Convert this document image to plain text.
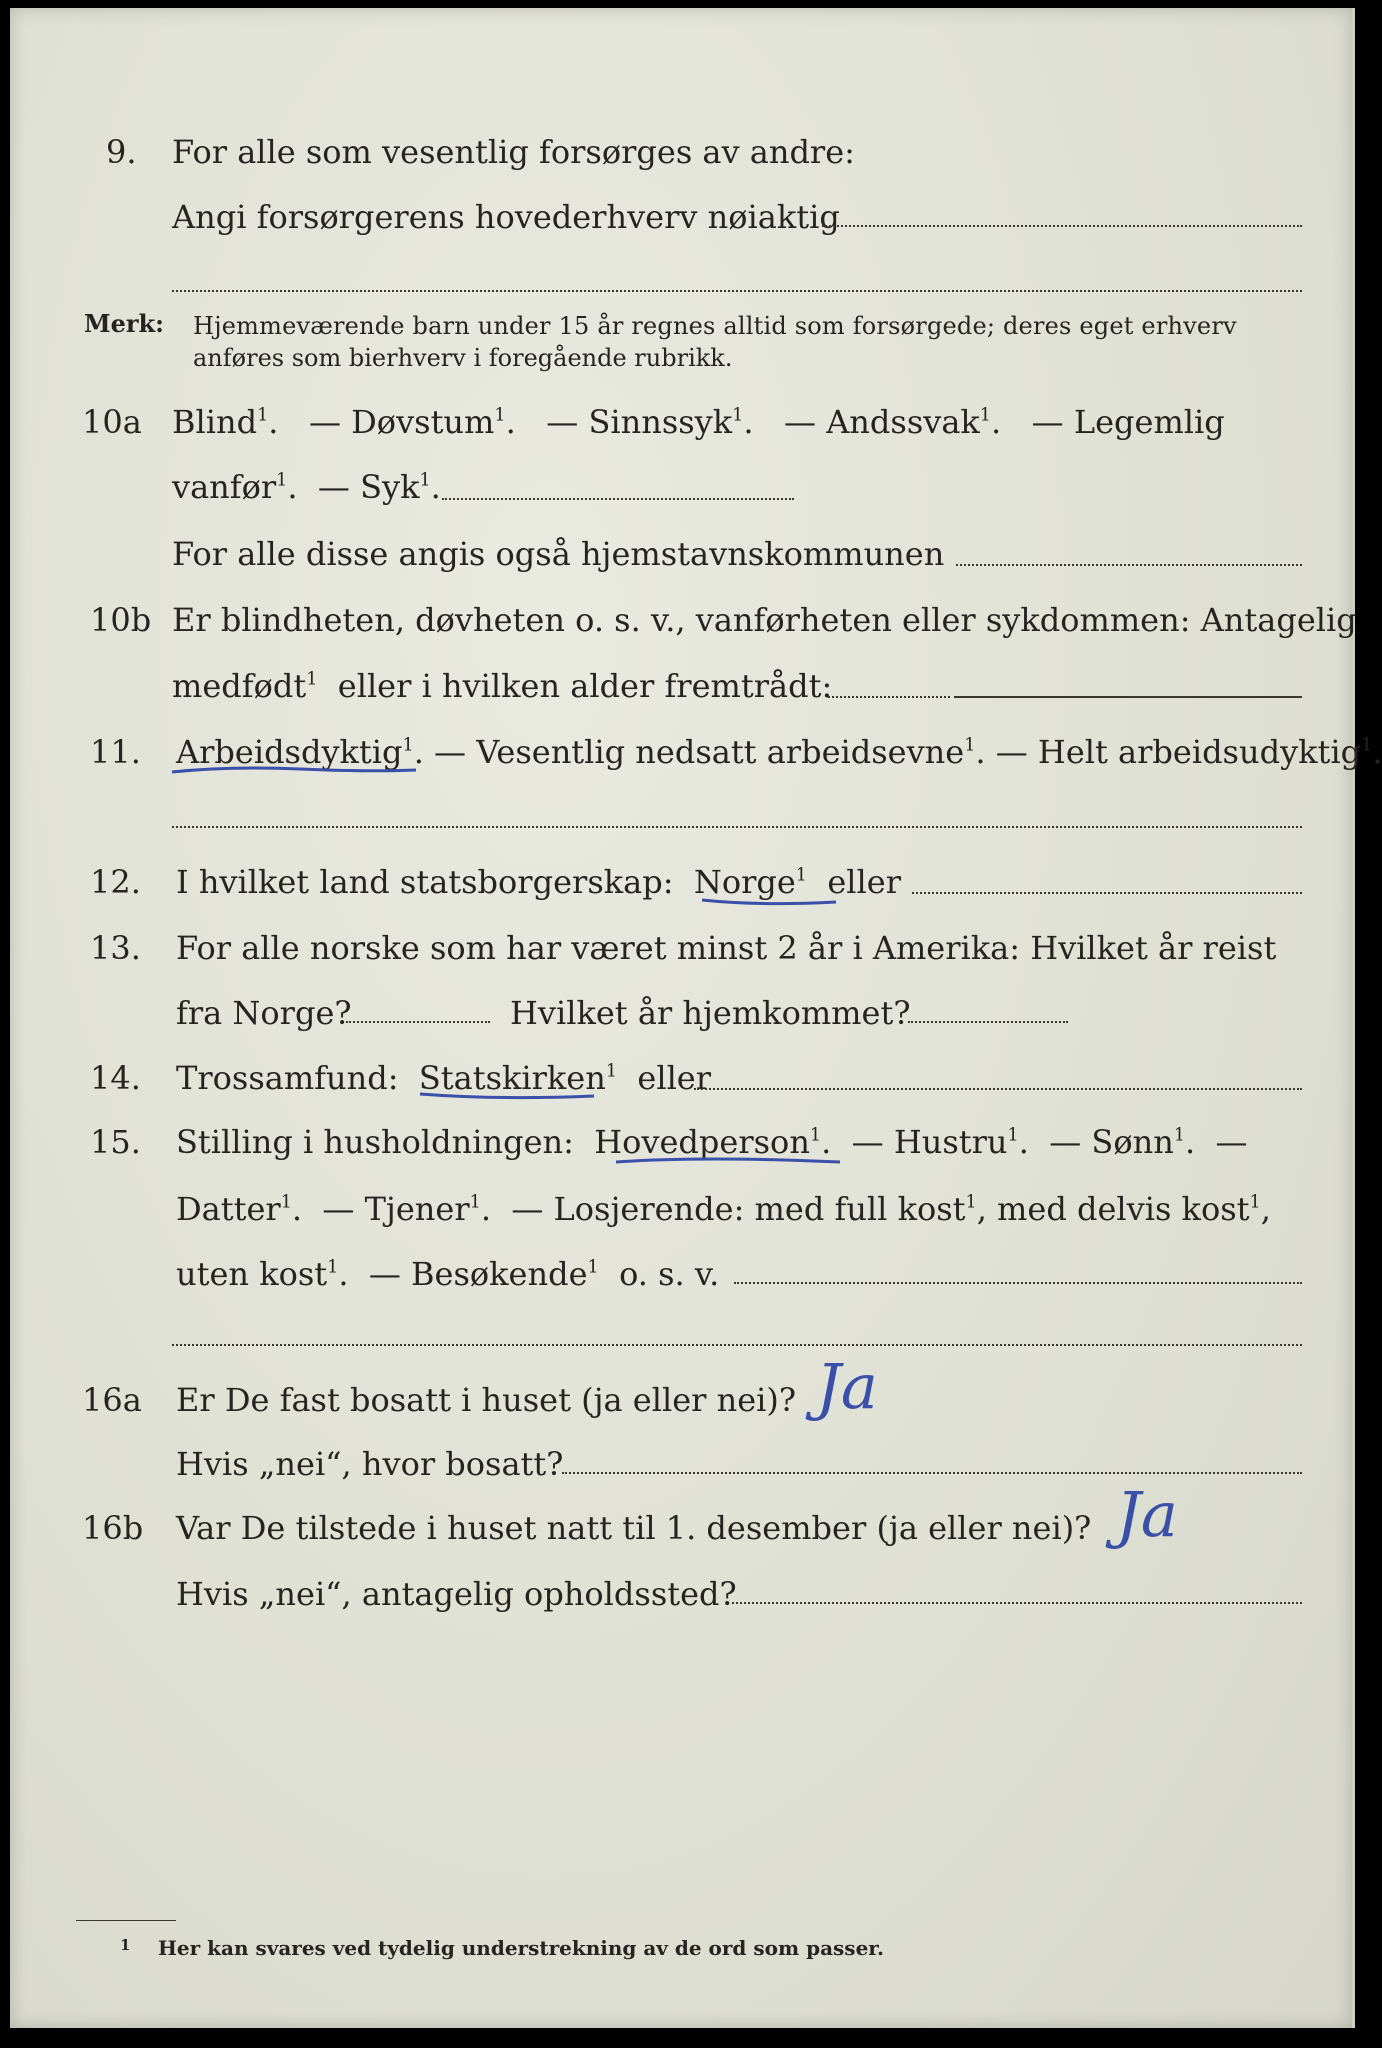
9. For alle som vesentlig forsørges av andre:
Angi forsørgerens hovederhverv nøiaktig
Merk: Hjemmeværende barn under 15 år regnes alltid som forsørgede; deres eget erhverv
anføres som bierhverv i foregående rubrikk.
10a Blind$^1$.   — Døvstum$^1$.   — Sinnssyk$^1$.   — Andssvak$^1$.   — Legemlig
vanfør$^1$.  — Syk$^1$.
For alle disse angis også hjemstavnskommunen
10b Er blindheten, døvheten o. s. v., vanførheten eller sykdommen: Antagelig
medfødt$^1$ eller i hvilken alder fremtrådt:
11. Arbeidsdyktig$^1$. — Vesentlig nedsatt arbeidsevne$^1$. — Helt arbeidsudyktig$^1$.
12. I hvilket land statsborgerskap: Norge$^1$ eller
13. For alle norske som har været minst 2 år i Amerika: Hvilket år reist
fra Norge?	Hvilket år hjemkommet?
14. Trossamfund: Statskirken$^1$ eller
15. Stilling i husholdningen: Hovedperson$^1$.  — Hustru$^1$.  — Sønn$^1$.  —
Datter$^1$.  — Tjener$^1$.  — Losjerende: med full kost$^1$, med delvis kost$^1$,
uten kost$^1$.  — Besøkende$^1$ o. s. v.
16a Er De fast bosatt i huset (ja eller nei)? Ja
Hvis „nei“, hvor bosatt?
16b Var De tilstede i huset natt til 1. desember (ja eller nei)? Ja
Hvis „nei“, antagelig opholdssted?
1 Her kan svares ved tydelig understrekning av de ord som passer.
